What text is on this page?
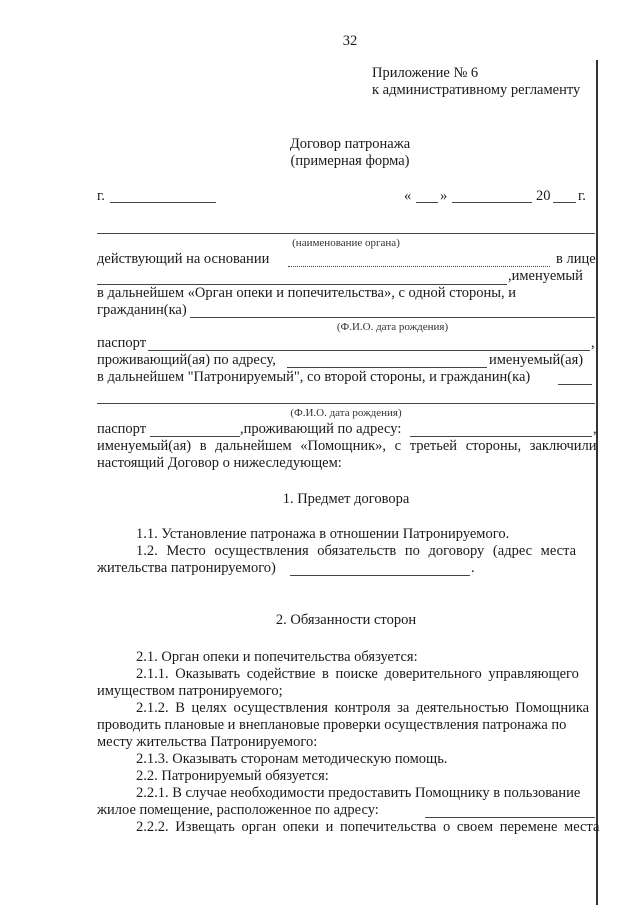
32
Приложение № 6
к административному регламенту
Договор патронажа
(примерная форма)
г.	« »	20 г.
(наименование органа)
действующий на основании	в лице
,именуемый
в дальнейшем «Орган опеки и попечительства», с одной стороны, и
гражданин(ка)
(Ф.И.О. дата рождения)
паспорт	,
проживающий(ая) по адресу,	именуемый(ая)
в дальнейшем "Патронируемый", со второй стороны, и гражданин(ка)
(Ф.И.О. дата рождения)
паспорт	,проживающий по адресу:	,
именуемый(ая) в дальнейшем «Помощник», с третьей стороны, заключили
настоящий Договор о нижеследующем:
1. Предмет договора
1.1. Установление патронажа в отношении Патронируемого.
1.2. Место осуществления обязательств по договору (адрес места
жительства патронируемого)	.
2. Обязанности сторон
2.1. Орган опеки и попечительства обязуется:
2.1.1. Оказывать содействие в поиске доверительного управляющего
имуществом патронируемого;
2.1.2. В целях осуществления контроля за деятельностью Помощника
проводить плановые и внеплановые проверки осуществления патронажа по
месту жительства Патронируемого:
2.1.3. Оказывать сторонам методическую помощь.
2.2. Патронируемый обязуется:
2.2.1. В случае необходимости предоставить Помощнику в пользование
жилое помещение, расположенное по адресу:
2.2.2. Извещать орган опеки и попечительства о своем перемене места
